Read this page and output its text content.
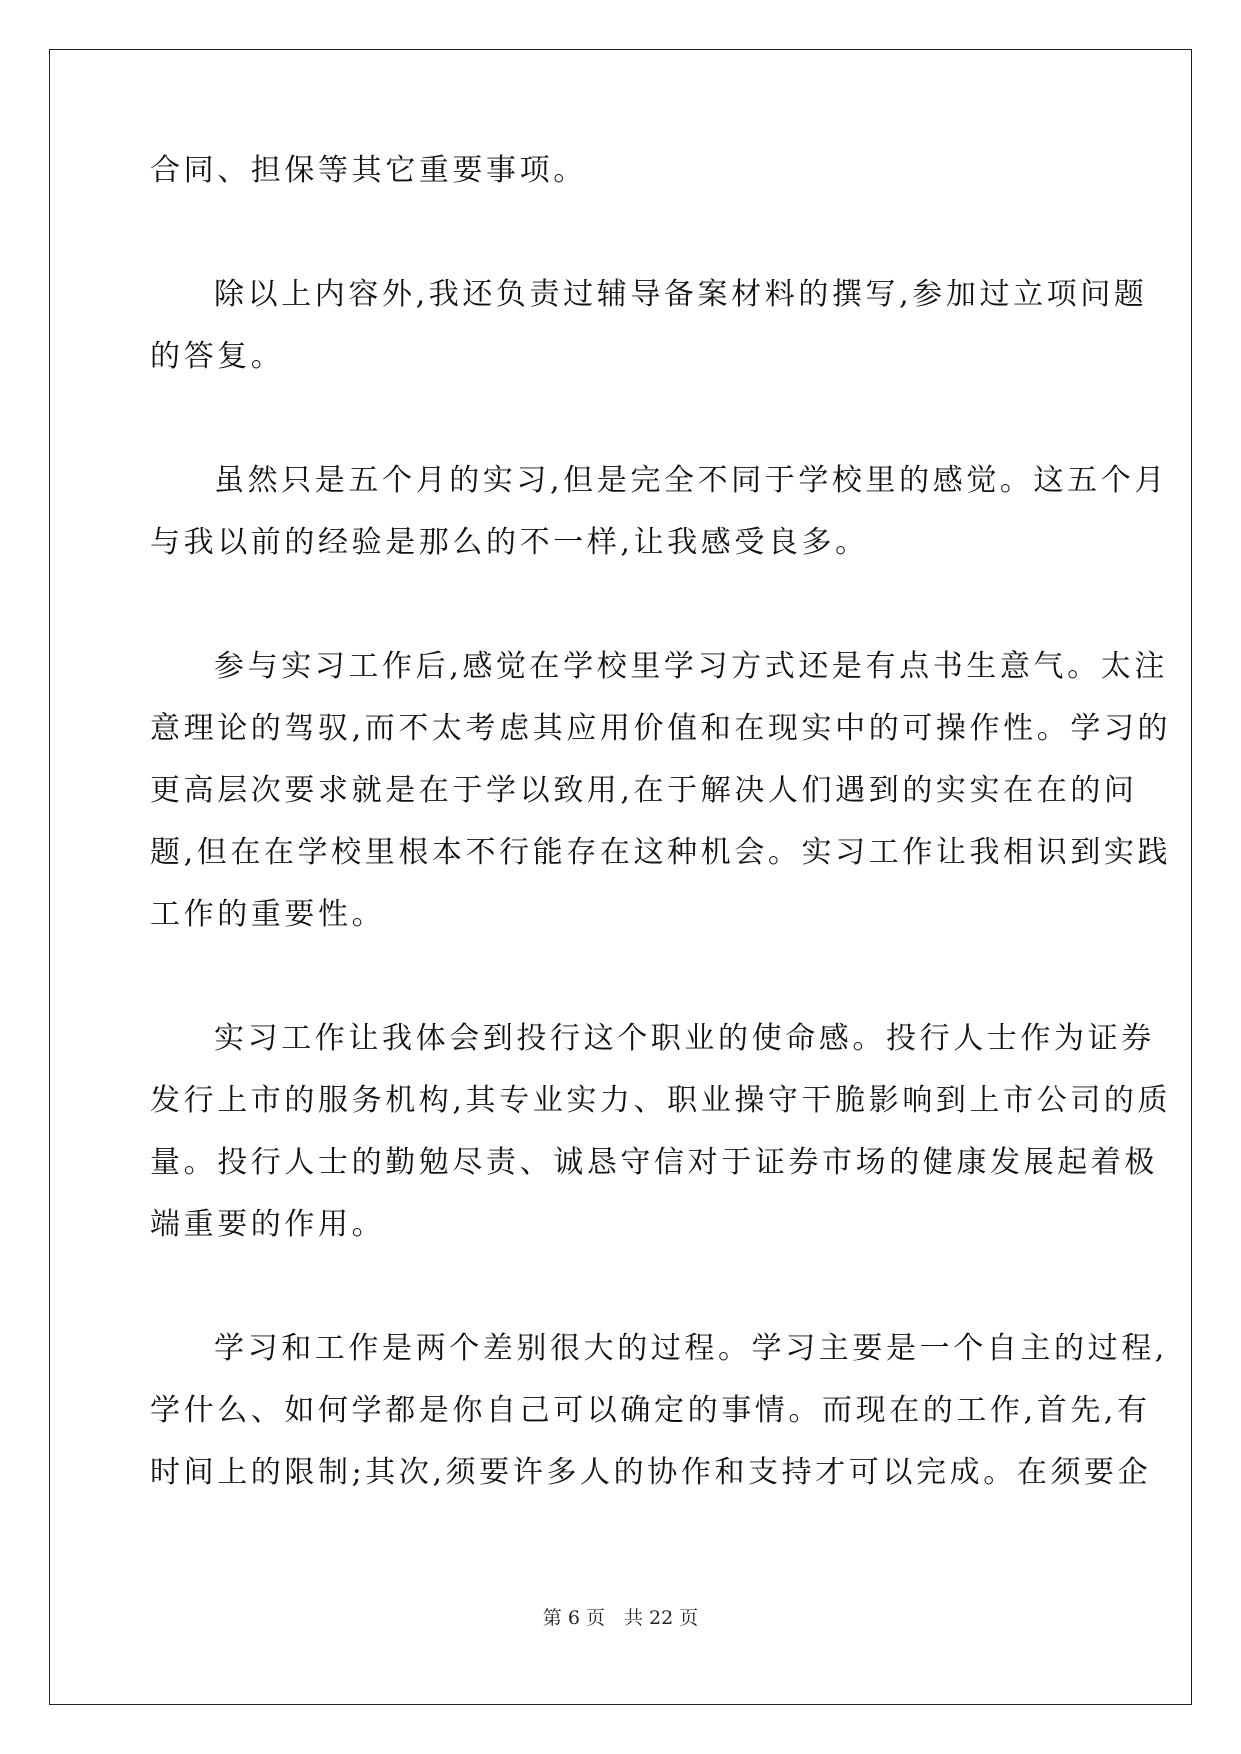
合同、担保等其它重要事项。
除以上内容外,我还负责过辅导备案材料的撰写,参加过立项问题
的答复。
虽然只是五个月的实习,但是完全不同于学校里的感觉。这五个月
与我以前的经验是那么的不一样,让我感受良多。
参与实习工作后,感觉在学校里学习方式还是有点书生意气。太注
意理论的驾驭,而不太考虑其应用价值和在现实中的可操作性。学习的
更高层次要求就是在于学以致用,在于解决人们遇到的实实在在的问
题,但在在学校里根本不行能存在这种机会。实习工作让我相识到实践
工作的重要性。
实习工作让我体会到投行这个职业的使命感。投行人士作为证券
发行上市的服务机构,其专业实力、职业操守干脆影响到上市公司的质
量。投行人士的勤勉尽责、诚恳守信对于证券市场的健康发展起着极
端重要的作用。
学习和工作是两个差别很大的过程。学习主要是一个自主的过程,
学什么、如何学都是你自己可以确定的事情。而现在的工作,首先,有
时间上的限制;其次,须要许多人的协作和支持才可以完成。在须要企
第 6 页　共 22 页
